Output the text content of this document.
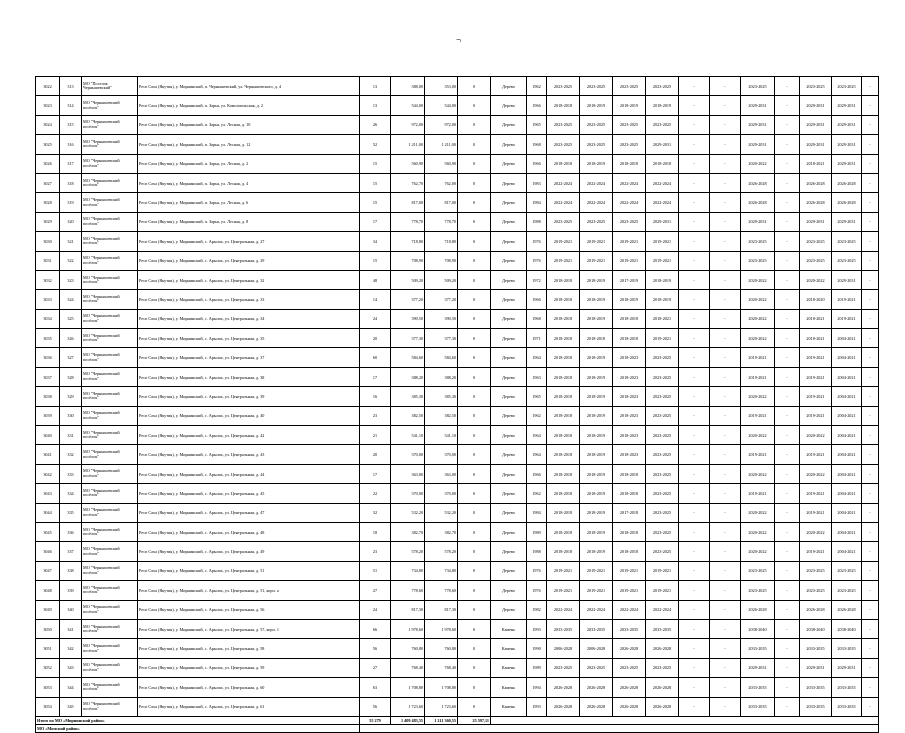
¬
3022	313	МО "Поселок Чернышевский"	Респ Саха (Якутия), у. Мирнинский, п. Чернышевский, ул. Чернышевского, д. 4	13	388,00	353,00	0	Дерево	1962	2023-2025	2023-2025	2023-2025	2023-2025	-	-	2023-2025	-	2023-2025	2023-2025	-
3023	314	МО "Чернышевский посёлок"	Респ Саха (Якутия), у. Мирнинский, п. Зарья, ул. Комсомольская, д. 2	13	544,00	544,00	0	Дерево	1966	2018-2018	2018-2019	2018-2019	2018-2019	-	-	2029-2031	-	2029-2031	2029-2031	-
3024	315	МО "Чернышевский посёлок"	Респ Саха (Якутия), у. Мирнинский, п. Зарья, ул. Лесная, д. 10	26	972,00	972,00	0	Дерево	1965	2023-2025	2023-2025	2023-2025	2023-2025	-	-	2029-2031	-	2029-2031	2029-2031	-
3025	316	МО "Чернышевский посёлок"	Респ Саха (Якутия), у. Мирнинский, п. Зарья, ул. Лесная, д. 12	52	1 211,00	1 211,00	0	Дерево	1968	2023-2025	2023-2025	2023-2025	2029-2031	-	-	2029-2031	-	2029-2031	2029-2031	-
3026	317	МО "Чернышевский посёлок"	Респ Саха (Якутия), у. Мирнинский, п. Зарья, ул. Лесная, д. 2	15	560,90	560,90	0	Дерево	1966	2018-2018	2018-2019	2018-2018	2018-2018	-	-	2020-2022	-	2018-2021	2029-2031	-
3027	318	МО "Чернышевский посёлок"	Респ Саха (Якутия), у. Мирнинский, п. Зарья, ул. Лесная, д. 4	15	762,70	762,00	0	Дерево	1983	2022-2024	2022-2024	2022-2024	2022-2024	-	-	2026-2028	-	2026-2028	2026-2028	-
3028	319	МО "Чернышевский посёлок"	Респ Саха (Якутия), у. Мирнинский, п. Зарья, ул. Лесная, д. 6	15	817,00	817,00	0	Дерево	1984	2022-2024	2022-2024	2022-2024	2022-2024	-	-	2026-2028	-	2026-2028	2026-2028	-
3029	320	МО "Чернышевский посёлок"	Респ Саха (Якутия), у. Мирнинский, п. Зарья, ул. Лесная, д. 8	17	778,70	778,70	0	Дерево	1988	2023-2025	2023-2025	2023-2025	2029-2031	-	-	2029-2031	-	2029-2031	2029-2031	-
3030	321	МО "Чернышевский посёлок"	Респ Саха (Якутия), у. Мирнинский, с. Арылах, ул. Центральная, д. 27	34	718,80	718,80	0	Дерево	1976	2019-2021	2019-2021	2019-2021	2019-2021	-	-	2023-2025	-	2023-2025	2023-2025	-
3031	322	МО "Чернышевский посёлок"	Респ Саха (Якутия), у. Мирнинский, с. Арылах, ул. Центральная, д. 29	15	708,90	708,90	0	Дерево	1976	2019-2021	2019-2021	2019-2021	2019-2021	-	-	2023-2025	-	2023-2025	2023-2025	-
3032	323	МО "Чернышевский посёлок"	Респ Саха (Якутия), у. Мирнинский, с. Арылах, ул. Центральная, д. 32	48	509,20	509,20	0	Дерево	1972	2018-2018	2018-2019	2017-2019	2018-2019	-	-	2020-2022	-	2020-2022	2029-2031	-
3033	324	МО "Чернышевский посёлок"	Респ Саха (Якутия), у. Мирнинский, с. Арылах, ул. Центральная, д. 33	14	377,20	377,20	0	Дерево	1966	2018-2018	2018-2019	2018-2019	2018-2019	-	-	2020-2022	-	2018-2020	2019-2021	-
3034	325	МО "Чернышевский посёлок"	Респ Саха (Якутия), у. Мирнинский, с. Арылах, ул. Центральная, д. 34	24	390,50	390,50	0	Дерево	1968	2018-2018	2018-2019	2018-2018	2018-2021	-	-	2020-2022	-	2018-2021	2019-2021	-
3035	326	МО "Чернышевский посёлок"	Респ Саха (Якутия), у. Мирнинский, с. Арылах, ул. Центральная, д. 35	20	377,30	377,30	0	Дерево	1971	2018-2018	2018-2018	2018-2018	2019-2021	-	-	2020-2022	-	2018-2021	2004-2021	-
3036	327	МО "Чернышевский посёлок"	Респ Саха (Якутия), у. Мирнинский, с. Арылах, ул. Центральная, д. 37	60	584,60	584,60	0	Дерево	1964	2018-2018	2018-2019	2018-2023	2023-2025	-	-	2019-2021	-	2019-2021	2004-2021	-
3037	328	МО "Чернышевский посёлок"	Респ Саха (Якутия), у. Мирнинский, с. Арылах, ул. Центральная, д. 38	17	388,20	388,20	0	Дерево	1963	2018-2018	2018-2019	2018-2023	2023-2025	-	-	2019-2021	-	2019-2021	2004-2021	-
3038	329	МО "Чернышевский посёлок"	Респ Саха (Якутия), у. Мирнинский, с. Арылах, ул. Центральная, д. 39	16	385,30	385,30	0	Дерево	1965	2018-2018	2018-2019	2018-2023	2023-2025	-	-	2020-2022	-	2019-2021	2004-2021	-
3039	330	МО "Чернышевский посёлок"	Респ Саха (Якутия), у. Мирнинский, с. Арылах, ул. Центральная, д. 40	23	382,50	382,50	0	Дерево	1962	2018-2018	2018-2019	2018-2023	2023-2025	-	-	2019-2021	-	2019-2021	2004-2021	-
3040	331	МО "Чернышевский посёлок"	Респ Саха (Якутия), у. Мирнинский, с. Арылах, ул. Центральная, д. 42	21	541,10	541,10	0	Дерево	1964	2018-2018	2018-2019	2018-2023	2023-2025	-	-	2020-2022	-	2020-2022	2004-2021	-
3041	332	МО "Чернышевский посёлок"	Респ Саха (Якутия), у. Мирнинский, с. Арылах, ул. Центральная, д. 43	20	370,00	370,00	0	Дерево	1964	2018-2018	2018-2019	2018-2023	2023-2025	-	-	2019-2021	-	2019-2021	2004-2021	-
3042	333	МО "Чернышевский посёлок"	Респ Саха (Якутия), у. Мирнинский, с. Арылах, ул. Центральная, д. 44	17	363,00	363,00	0	Дерево	1966	2018-2018	2018-2019	2018-2018	2023-2025	-	-	2020-2022	-	2020-2022	2004-2021	-
3043	334	МО "Чернышевский посёлок"	Респ Саха (Якутия), у. Мирнинский, с. Арылах, ул. Центральная, д. 45	22	370,00	370,00	0	Дерево	1962	2018-2018	2018-2019	2018-2018	2023-2025	-	-	2019-2021	-	2019-2021	2004-2021	-
3044	335	МО "Чернышевский посёлок"	Респ Саха (Якутия), у. Мирнинский, с. Арылах, ул. Центральная, д. 47	32	532,20	532,20	0	Дерево	1984	2018-2018	2018-2019	2017-2018	2023-2025	-	-	2020-2022	-	2019-2021	2004-2021	-
3045	336	МО "Чернышевский посёлок"	Респ Саха (Якутия), у. Мирнинский, с. Арылах, ул. Центральная, д. 48	18	382,70	382,70	0	Дерево	1989	2018-2018	2018-2019	2018-2018	2023-2025	-	-	2020-2022	-	2020-2022	2004-2021	-
3046	337	МО "Чернышевский посёлок"	Респ Саха (Якутия), у. Мирнинский, с. Арылах, ул. Центральная, д. 49	23	578,20	578,20	0	Дерево	1988	2018-2018	2018-2019	2018-2018	2023-2025	-	-	2020-2022	-	2019-2021	2004-2021	-
3047	338	МО "Чернышевский посёлок"	Респ Саха (Якутия), у. Мирнинский, с. Арылах, ул. Центральная, д. 51	51	734,80	734,80	0	Дерево	1976	2019-2021	2019-2021	2019-2021	2019-2021	-	-	2023-2025	-	2023-2025	2023-2025	-
3048	339	МО "Чернышевский посёлок"	Респ Саха (Якутия), у. Мирнинский, с. Арылах, ул. Центральная, д. 51, корп. а	27	778,60	778,60	0	Дерево	1976	2019-2021	2019-2021	2019-2021	2019-2021	-	-	2023-2025	-	2023-2025	2023-2025	-
3049	340	МО "Чернышевский посёлок"	Респ Саха (Якутия), у. Мирнинский, с. Арылах, ул. Центральная, д. 56	24	817,30	817,30	0	Дерево	1982	2022-2024	2022-2024	2022-2024	2022-2024	-	-	2026-2028	-	2026-2028	2026-2028	-
3050	341	МО "Чернышевский посёлок"	Респ Саха (Якутия), у. Мирнинский, с. Арылах, ул. Центральная, д. 57, корп. 1	66	1 978,60	1 978,60	0	Камень	1993	2033-2035	2033-2035	2033-2035	2033-2035	-	-	2038-2040	-	2038-2040	2038-2040	-
3051	342	МО "Чернышевский посёлок"	Респ Саха (Якутия), у. Мирнинский, с. Арылах, ул. Центральная, д. 58	56	760,80	760,80	0	Камень	1990	2006-2028	2006-2028	2026-2028	2026-2028	-	-	2033-2035	-	2033-2035	2033-2035	-
3052	343	МО "Чернышевский посёлок"	Респ Саха (Якутия), у. Мирнинский, с. Арылах, ул. Центральная, д. 59	27	768,40	768,40	0	Камень	1989	2023-2025	2023-2025	2023-2025	2023-2025	-	-	2029-2031	-	2029-2031	2029-2031	-
3053	344	МО "Чернышевский посёлок"	Респ Саха (Якутия), у. Мирнинский, с. Арылах, ул. Центральная, д. 60	63	1 708,80	1 708,80	0	Камень	1994	2026-2028	2026-2028	2026-2028	2026-2028	-	-	2033-2035	-	2033-2035	2033-2035	-
3054	345	МО "Чернышевский посёлок"	Респ Саха (Якутия), у. Мирнинский, с. Арылах, ул. Центральная, д. 61	56	1 723,60	1 723,60	0	Камень	1993	2026-2028	2026-2028	2026-2028	2026-2028	-	-	2033-2035	-	2033-2035	2033-2035	-
Итого по МО «Мирнинский район»				55 279	1 409 483,55	1 211 360,55	25 597,11													
МО «Момский район»																				
